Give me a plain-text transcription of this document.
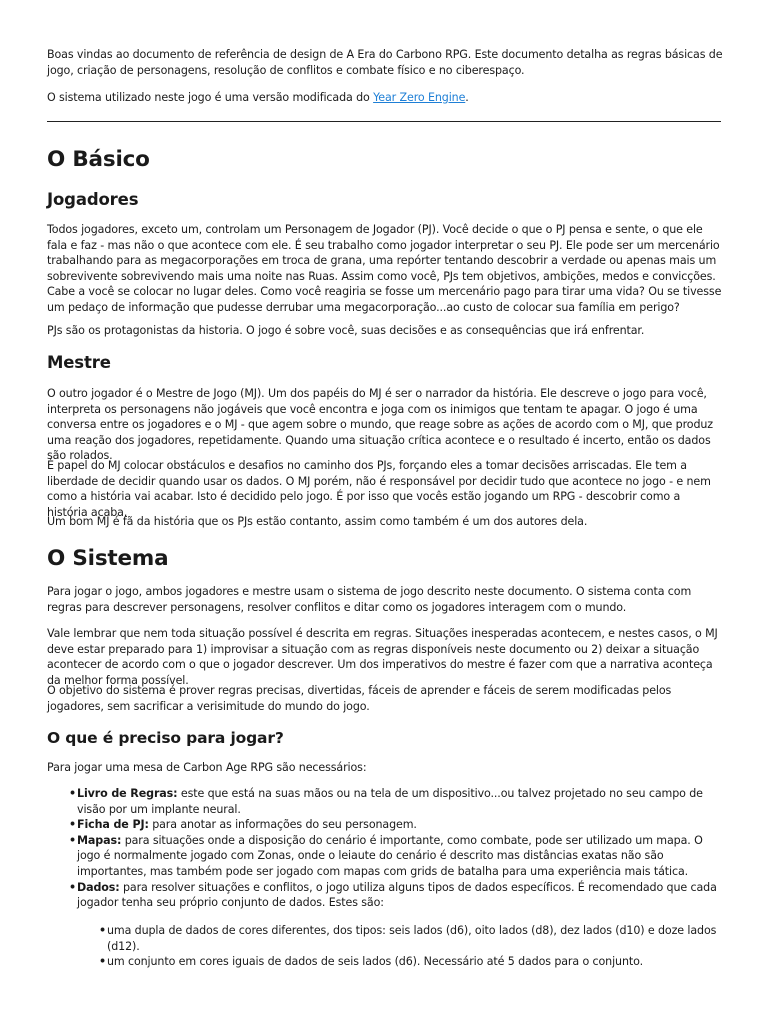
Boas vindas ao documento de referência de design de A Era do Carbono RPG. Este documento detalha as regras básicas de jogo, criação de personagens, resolução de conflitos e combate físico e no ciberespaço.

O sistema utilizado neste jogo é uma versão modificada do Year Zero Engine.

O Básico
Jogadores

Todos jogadores, exceto um, controlam um Personagem de Jogador (PJ). Você decide o que o PJ pensa e sente, o que ele fala e faz - mas não o que acontece com ele. É seu trabalho como jogador interpretar o seu PJ. Ele pode ser um mercenário trabalhando para as megacorporações em troca de grana, uma repórter tentando descobrir a verdade ou apenas mais um sobrevivente sobrevivendo mais uma noite nas Ruas. Assim como você, PJs tem objetivos, ambições, medos e convicções. Cabe a você se colocar no lugar deles. Como você reagiria se fosse um mercenário pago para tirar uma vida? Ou se tivesse um pedaço de informação que pudesse derrubar uma megacorporação...ao custo de colocar sua família em perigo?

PJs são os protagonistas da historia. O jogo é sobre você, suas decisões e as consequências que irá enfrentar.

Mestre

O outro jogador é o Mestre de Jogo (MJ). Um dos papéis do MJ é ser o narrador da história. Ele descreve o jogo para você, interpreta os personagens não jogáveis que você encontra e joga com os inimigos que tentam te apagar. O jogo é uma conversa entre os jogadores e o MJ - que agem sobre o mundo, que reage sobre as ações de acordo com o MJ, que produz uma reação dos jogadores, repetidamente. Quando uma situação crítica acontece e o resultado é incerto, então os dados são rolados.

É papel do MJ colocar obstáculos e desafios no caminho dos PJs, forçando eles a tomar decisões arriscadas. Ele tem a liberdade de decidir quando usar os dados. O MJ porém, não é responsável por decidir tudo que acontece no jogo - e nem como a história vai acabar. Isto é decidido pelo jogo. É por isso que vocês estão jogando um RPG - descobrir como a história acaba.

Um bom MJ é fã da história que os PJs estão contanto, assim como também é um dos autores dela.

O Sistema

Para jogar o jogo, ambos jogadores e mestre usam o sistema de jogo descrito neste documento. O sistema conta com regras para descrever personagens, resolver conflitos e ditar como os jogadores interagem com o mundo.

Vale lembrar que nem toda situação possível é descrita em regras. Situações inesperadas acontecem, e nestes casos, o MJ deve estar preparado para 1) improvisar a situação com as regras disponíveis neste documento ou 2) deixar a situação acontecer de acordo com o que o jogador descrever. Um dos imperativos do mestre é fazer com que a narrativa aconteça da melhor forma possível.

O objetivo do sistema é prover regras precisas, divertidas, fáceis de aprender e fáceis de serem modificadas pelos jogadores, sem sacrificar a verisimitude do mundo do jogo.

O que é preciso para jogar?

Para jogar uma mesa de Carbon Age RPG são necessários:

• Livro de Regras: este que está na suas mãos ou na tela de um dispositivo...ou talvez projetado no seu campo de visão por um implante neural.
• Ficha de PJ: para anotar as informações do seu personagem.
• Mapas: para situações onde a disposição do cenário é importante, como combate, pode ser utilizado um mapa. O jogo é normalmente jogado com Zonas, onde o leiaute do cenário é descrito mas distâncias exatas não são importantes, mas também pode ser jogado com mapas com grids de batalha para uma experiência mais tática.
• Dados: para resolver situações e conflitos, o jogo utiliza alguns tipos de dados específicos. É recomendado que cada jogador tenha seu próprio conjunto de dados. Estes são:
• uma dupla de dados de cores diferentes, dos tipos: seis lados (d6), oito lados (d8), dez lados (d10) e doze lados (d12).
• um conjunto em cores iguais de dados de seis lados (d6). Necessário até 5 dados para o conjunto.
